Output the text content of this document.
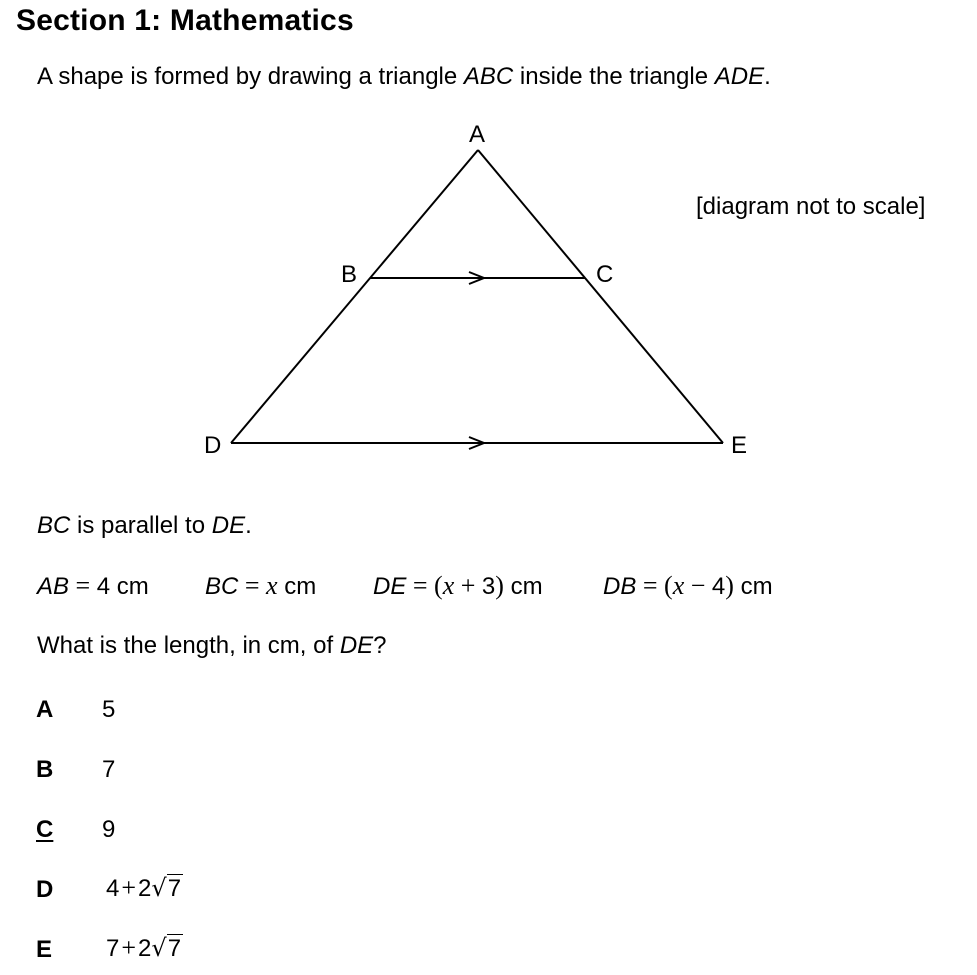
Section 1: Mathematics
A shape is formed by drawing a triangle ABC inside the triangle ADE.
A
B	C
D	E
[diagram not to scale]
BC is parallel to DE.
AB = 4 cm BC = x cm DE = (x + 3) cm	DB = (x − 4) cm
What is the length, in cm, of DE?
A 5
B 7
C 9
D 4+2√7
E 7+2√7
